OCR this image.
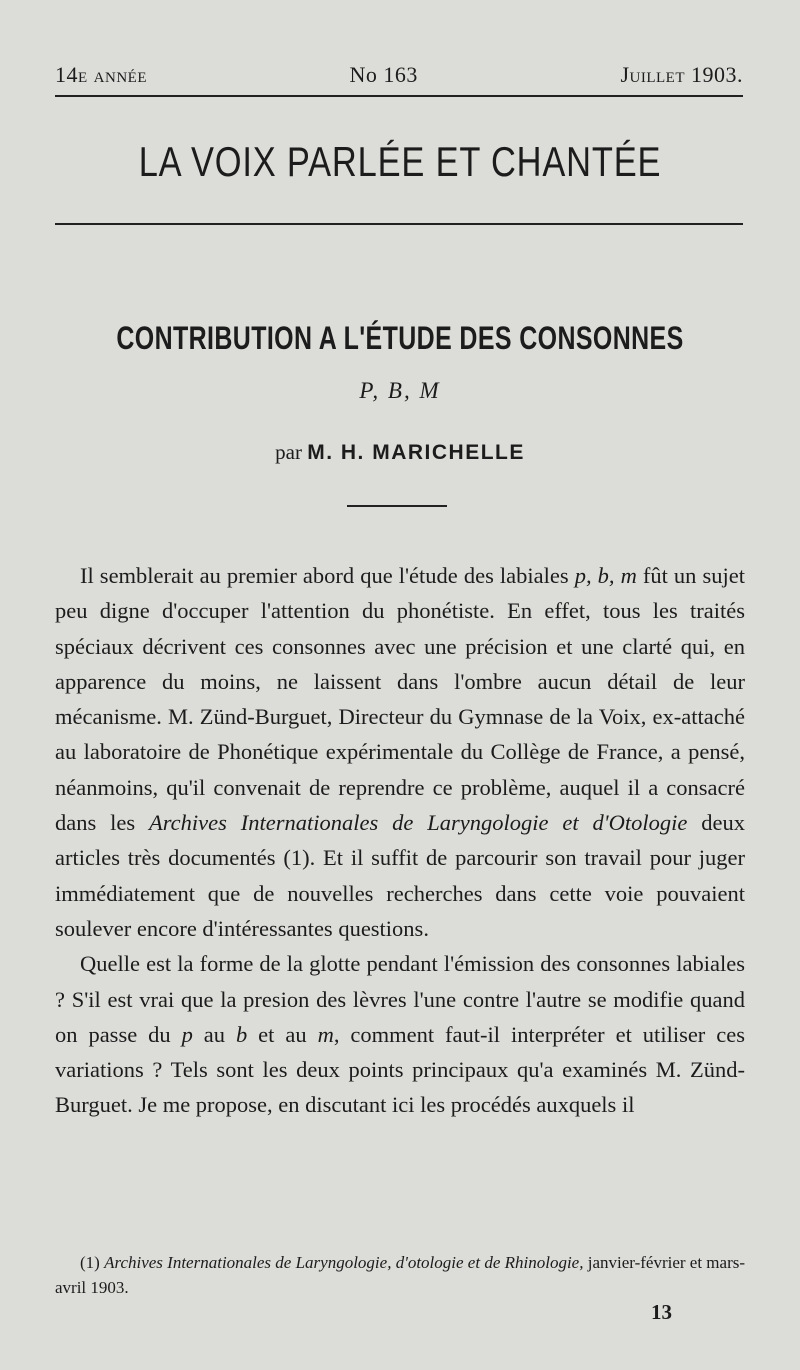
14e année	No 163	Juillet 1903.
LA VOIX PARLÉE ET CHANTÉE
CONTRIBUTION A L'ÉTUDE DES CONSONNES
P, B, M
par M. H. MARICHELLE

Il semblerait au premier abord que l'étude des labiales p, b, m fût un sujet peu digne d'occuper l'attention du phonétiste. En effet, tous les traités spéciaux décrivent ces consonnes avec une précision et une clarté qui, en apparence du moins, ne laissent dans l'ombre aucun détail de leur mécanisme. M. Zünd-Burguet, Directeur du Gymnase de la Voix, ex-attaché au laboratoire de Phonétique expérimentale du Collège de France, a pensé, néanmoins, qu'il convenait de reprendre ce problème, auquel il a consacré dans les Archives Internationales de Laryngologie et d'Otologie deux articles très documentés (1). Et il suffit de parcourir son travail pour juger immédiatement que de nouvelles recherches dans cette voie pouvaient soulever encore d'intéressantes questions.

Quelle est la forme de la glotte pendant l'émission des consonnes labiales ? S'il est vrai que la presion des lèvres l'une contre l'autre se modifie quand on passe du p au b et au m, comment faut-il interpréter et utiliser ces variations ? Tels sont les deux points principaux qu'a examinés M. Zünd-Burguet. Je me propose, en discutant ici les procédés auxquels il

(1) Archives Internationales de Laryngologie, d'otologie et de Rhinologie, janvier-février et mars-avril 1903.
13
